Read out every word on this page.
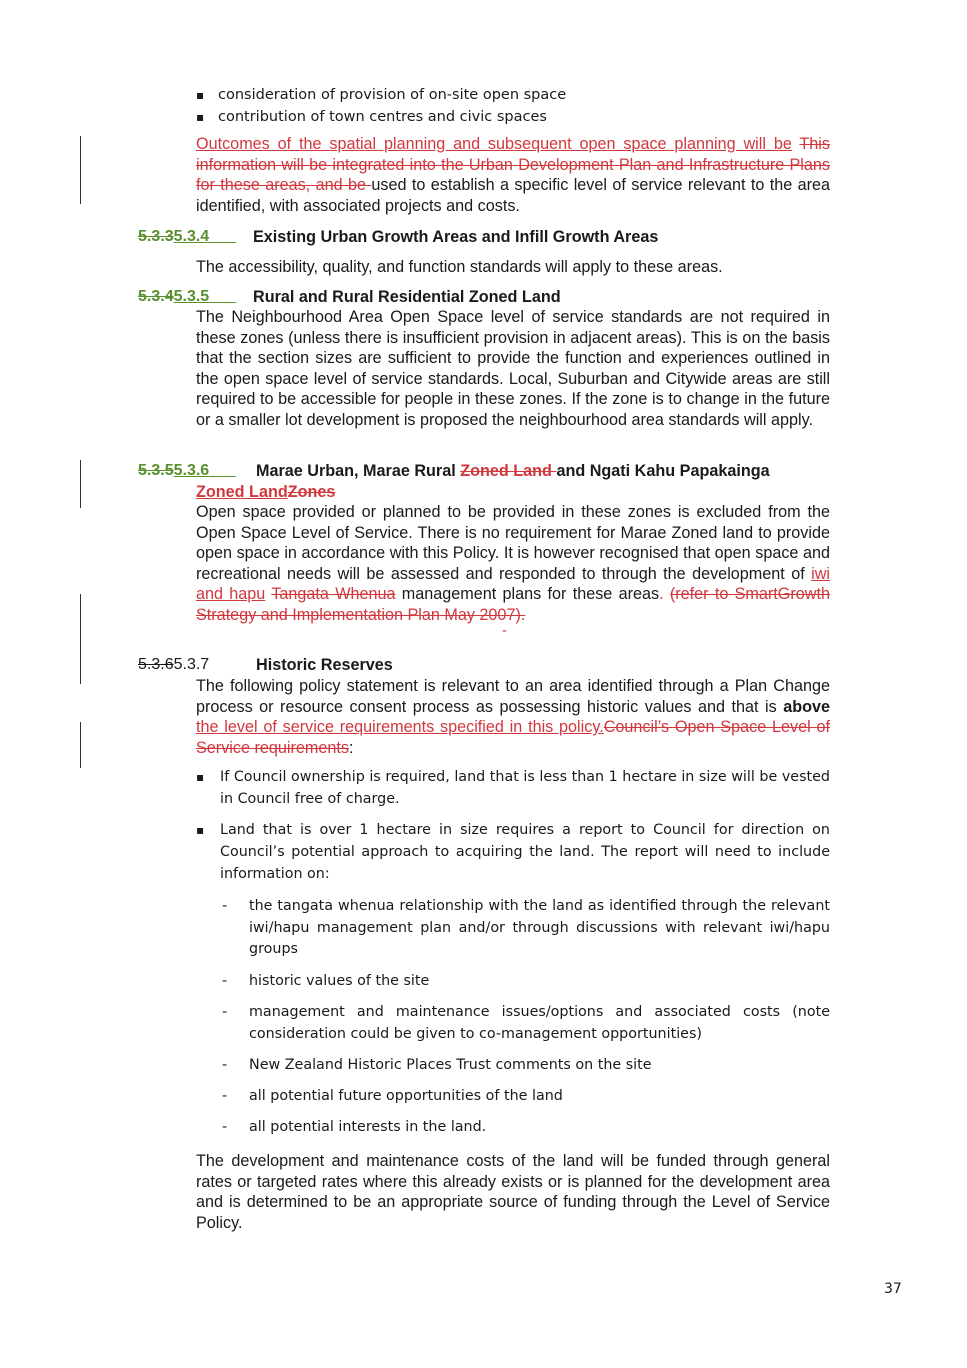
▪ consideration of provision of on-site open space
▪ contribution of town centres and civic spaces

Outcomes of the spatial planning and subsequent open space planning will be This information will be integrated into the Urban Development Plan and Infrastructure Plans for these areas, and be used to establish a specific level of service relevant to the area identified, with associated projects and costs.

5.3.35.3.4	Existing Urban Growth Areas and Infill Growth Areas

The accessibility, quality, and function standards will apply to these areas.

5.3.45.3.5	Rural and Rural Residential Zoned Land

The Neighbourhood Area Open Space level of service standards are not required in these zones (unless there is insufficient provision in adjacent areas). This is on the basis that the section sizes are sufficient to provide the function and experiences outlined in the open space level of service standards. Local, Suburban and Citywide areas are still required to be accessible for people in these zones. If the zone is to change in the future or a smaller lot development is proposed the neighbourhood area standards will apply.

5.3.55.3.6	Marae Urban, Marae Rural Zoned Land and Ngati Kahu Papakainga
Zoned LandZones

Open space provided or planned to be provided in these zones is excluded from the Open Space Level of Service. There is no requirement for Marae Zoned land to provide open space in accordance with this Policy. It is however recognised that open space and recreational needs will be assessed and responded to through the development of iwi and hapu Tangata Whenua management plans for these areas. (refer to SmartGrowth Strategy and Implementation Plan May 2007).

-
5.3.65.3.7	Historic Reserves

The following policy statement is relevant to an area identified through a Plan Change process or resource consent process as possessing historic values and that is above the level of service requirements specified in this policy.Council’s Open Space Level of Service requirements:

▪ If Council ownership is required, land that is less than 1 hectare in size will be vested in Council free of charge.
▪ Land that is over 1 hectare in size requires a report to Council for direction on Council’s potential approach to acquiring the land. The report will need to include information on:
- the tangata whenua relationship with the land as identified through the relevant iwi/hapu management plan and/or through discussions with relevant iwi/hapu groups
- historic values of the site
- management and maintenance issues/options and associated costs (note consideration could be given to co-management opportunities)
- New Zealand Historic Places Trust comments on the site
- all potential future opportunities of the land
- all potential interests in the land.

The development and maintenance costs of the land will be funded through general rates or targeted rates where this already exists or is planned for the development area and is determined to be an appropriate source of funding through the Level of Service Policy.

37
